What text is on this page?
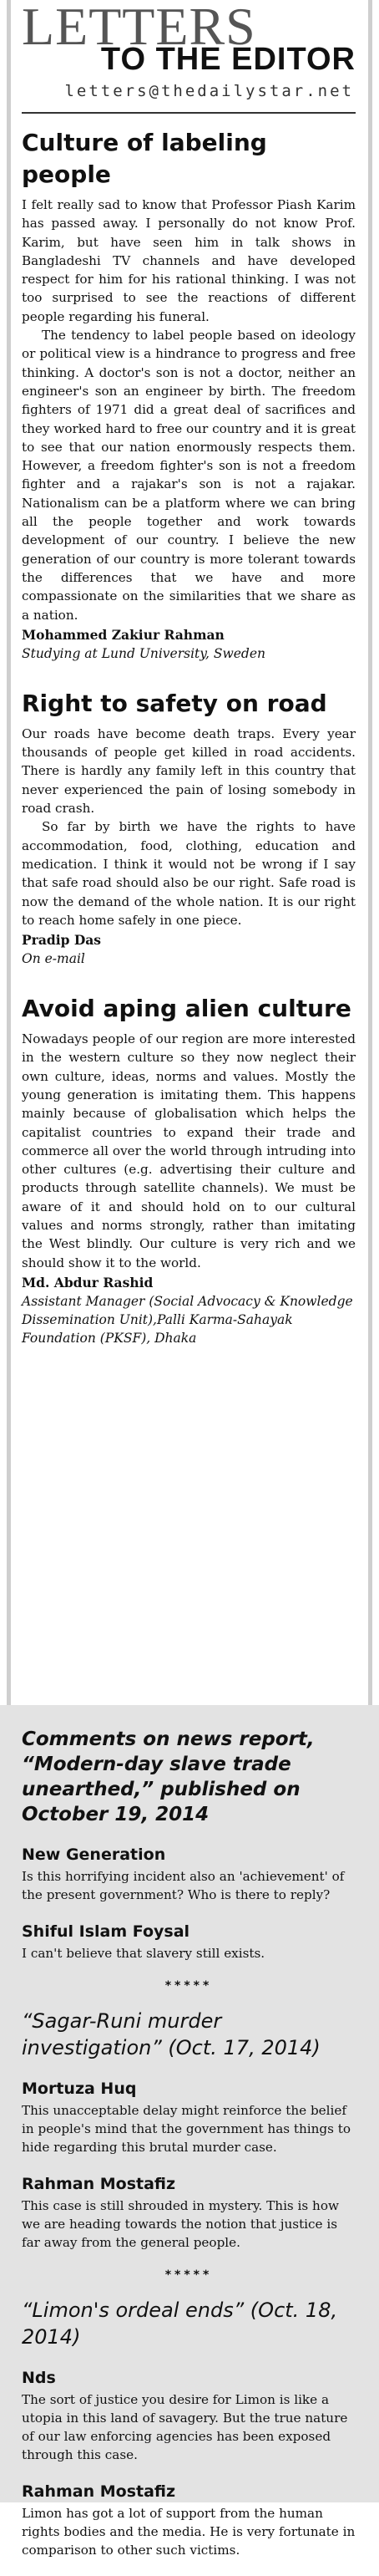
LETTERS
TO THE EDITOR
letters@thedailystar.net
Culture of labeling people

I felt really sad to know that Professor Piash Karim has passed away. I personally do not know Prof. Karim, but have seen him in talk shows in Bangladeshi TV channels and have developed respect for him for his rational thinking. I was not too surprised to see the reactions of different people regarding his funeral.

The tendency to label people based on ideology or political view is a hindrance to progress and free thinking. A doctor's son is not a doctor, neither an engineer's son an engineer by birth. The freedom fighters of 1971 did a great deal of sacrifices and they worked hard to free our country and it is great to see that our nation enormously respects them. However, a freedom fighter's son is not a freedom fighter and a rajakar's son is not a rajakar. Nationalism can be a platform where we can bring all the people together and work towards development of our country. I believe the new generation of our country is more tolerant towards the differences that we have and more compassionate on the similarities that we share as a nation.

Mohammed Zakiur Rahman
Studying at Lund University, Sweden
Right to safety on road

Our roads have become death traps. Every year thousands of people get killed in road accidents. There is hardly any family left in this country that never experienced the pain of losing somebody in road crash.

So far by birth we have the rights to have accommodation, food, clothing, education and medication. I think it would not be wrong if I say that safe road should also be our right. Safe road is now the demand of the whole nation. It is our right to reach home safely in one piece.

Pradip Das
On e-mail
Avoid aping alien culture

Nowadays people of our region are more interested in the western culture so they now neglect their own culture, ideas, norms and values. Mostly the young generation is imitating them. This happens mainly because of globalisation which helps the capitalist countries to expand their trade and commerce all over the world through intruding into other cultures (e.g. advertising their culture and products through satellite channels). We must be aware of it and should hold on to our cultural values and norms strongly, rather than imitating the West blindly. Our culture is very rich and we should show it to the world.

Md. Abdur Rashid
Assistant Manager (Social Advocacy & Knowledge Dissemination Unit),Palli Karma-Sahayak Foundation (PKSF), Dhaka
Comments on news report, “Modern-day slave trade unearthed,” published on October 19, 2014
New Generation
Is this horrifying incident also an 'achievement' of the present government? Who is there to reply?
Shiful Islam Foysal
I can't believe that slavery still exists.
*****
“Sagar-Runi murder investigation” (Oct. 17, 2014)
Mortuza Huq
This unacceptable delay might reinforce the belief in people's mind that the government has things to hide regarding this brutal murder case.
Rahman Mostafiz
This case is still shrouded in mystery. This is how we are heading towards the notion that justice is far away from the general people.
*****
“Limon's ordeal ends” (Oct. 18, 2014)
Nds
The sort of justice you desire for Limon is like a utopia in this land of savagery. But the true nature of our law enforcing agencies has been exposed through this case.
Rahman Mostafiz
Limon has got a lot of support from the human rights bodies and the media. He is very fortunate in comparison to other such victims.
